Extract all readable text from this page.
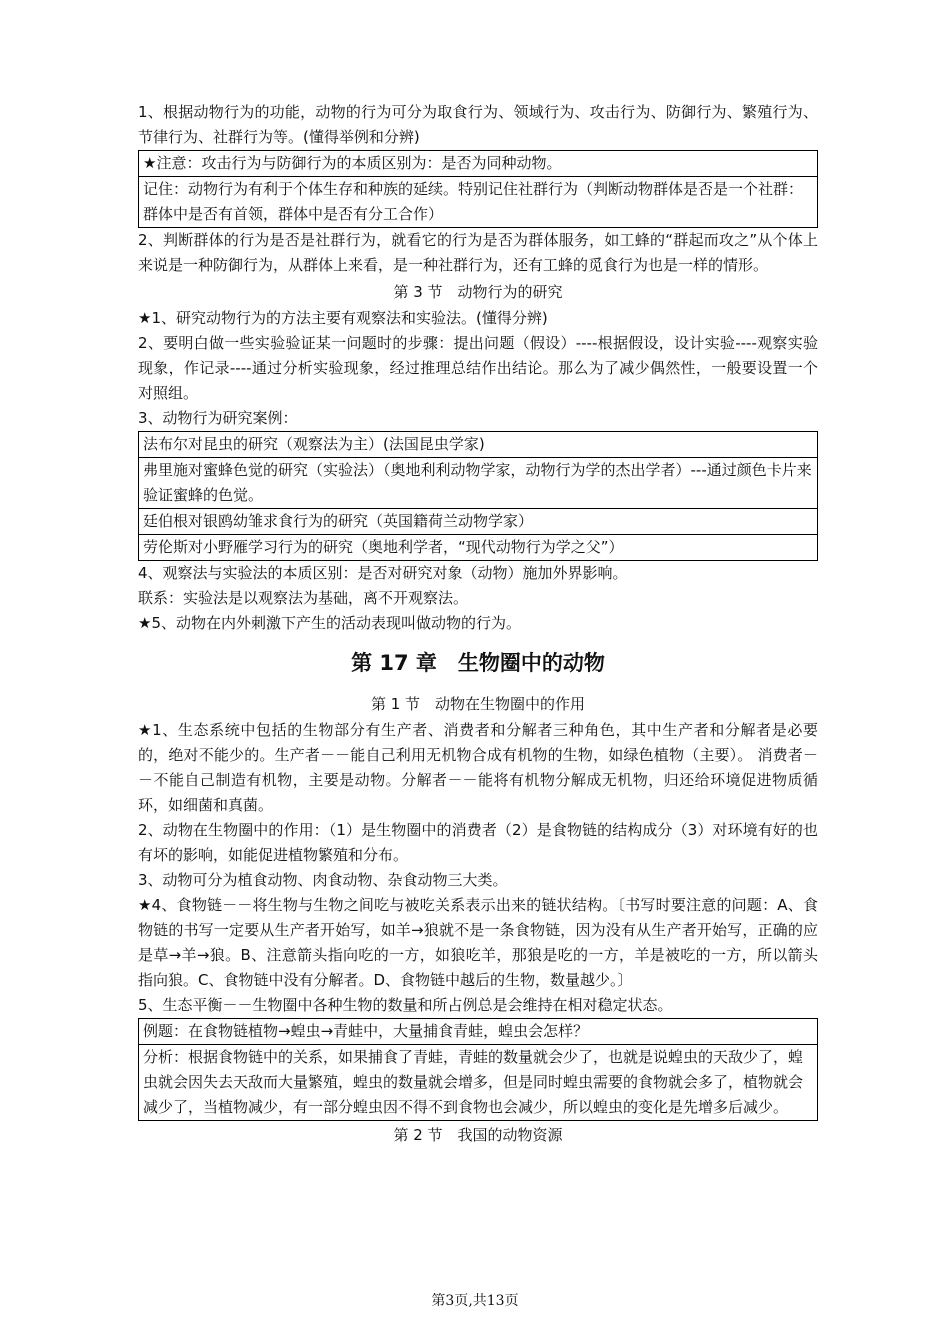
1、根据动物行为的功能，动物的行为可分为取食行为、领域行为、攻击行为、防御行为、繁殖行为、节律行为、社群行为等。(懂得举例和分辨)

★注意：攻击行为与防御行为的本质区别为：是否为同种动物。
记住：动物行为有利于个体生存和种族的延续。特别记住社群行为（判断动物群体是否是一个社群：群体中是否有首领，群体中是否有分工合作）

2、判断群体的行为是否是社群行为，就看它的行为是否为群体服务，如工蜂的“群起而攻之”从个体上来说是一种防御行为，从群体上来看，是一种社群行为，还有工蜂的觅食行为也是一样的情形。

第 3 节　动物行为的研究

★1、研究动物行为的方法主要有观察法和实验法。(懂得分辨)

2、要明白做一些实验验证某一问题时的步骤：提出问题（假设）----根据假设，设计实验----观察实验现象，作记录----通过分析实验现象，经过推理总结作出结论。那么为了减少偶然性，一般要设置一个对照组。

3、动物行为研究案例：

法布尔对昆虫的研究（观察法为主）(法国昆虫学家)
弗里施对蜜蜂色觉的研究（实验法）（奥地利利动物学家，动物行为学的杰出学者）---通过颜色卡片来验证蜜蜂的色觉。
廷伯根对银鸥幼雏求食行为的研究（英国籍荷兰动物学家）
劳伦斯对小野雁学习行为的研究（奥地利学者，“现代动物行为学之父”）

4、观察法与实验法的本质区别：是否对研究对象（动物）施加外界影响。

联系：实验法是以观察法为基础，离不开观察法。

★5、动物在内外刺激下产生的活动表现叫做动物的行为。

第 17 章　生物圈中的动物
第 1 节　动物在生物圈中的作用

★1、生态系统中包括的生物部分有生产者、消费者和分解者三种角色，其中生产者和分解者是必要的，绝对不能少的。生产者－－能自己利用无机物合成有机物的生物，如绿色植物（主要）。 消费者－－不能自己制造有机物，主要是动物。分解者－－能将有机物分解成无机物，归还给环境促进物质循环，如细菌和真菌。

2、动物在生物圈中的作用：（1）是生物圈中的消费者（2）是食物链的结构成分（3）对环境有好的也有坏的影响，如能促进植物繁殖和分布。

3、动物可分为植食动物、肉食动物、杂食动物三大类。

★4、食物链－－将生物与生物之间吃与被吃关系表示出来的链状结构。〔书写时要注意的问题：A、食物链的书写一定要从生产者开始写，如羊→狼就不是一条食物链，因为没有从生产者开始写，正确的应是草→羊→狼。B、注意箭头指向吃的一方，如狼吃羊，那狼是吃的一方，羊是被吃的一方，所以箭头指向狼。C、食物链中没有分解者。D、食物链中越后的生物，数量越少。〕

5、生态平衡－－生物圈中各种生物的数量和所占例总是会维持在相对稳定状态。

例题：在食物链植物→蝗虫→青蛙中，大量捕食青蛙，蝗虫会怎样？
分析：根据食物链中的关系，如果捕食了青蛙，青蛙的数量就会少了，也就是说蝗虫的天敌少了，蝗虫就会因失去天敌而大量繁殖，蝗虫的数量就会增多，但是同时蝗虫需要的食物就会多了，植物就会减少了，当植物减少，有一部分蝗虫因不得不到食物也会减少，所以蝗虫的变化是先增多后减少。
第 2 节　我国的动物资源
第3页,共13页
